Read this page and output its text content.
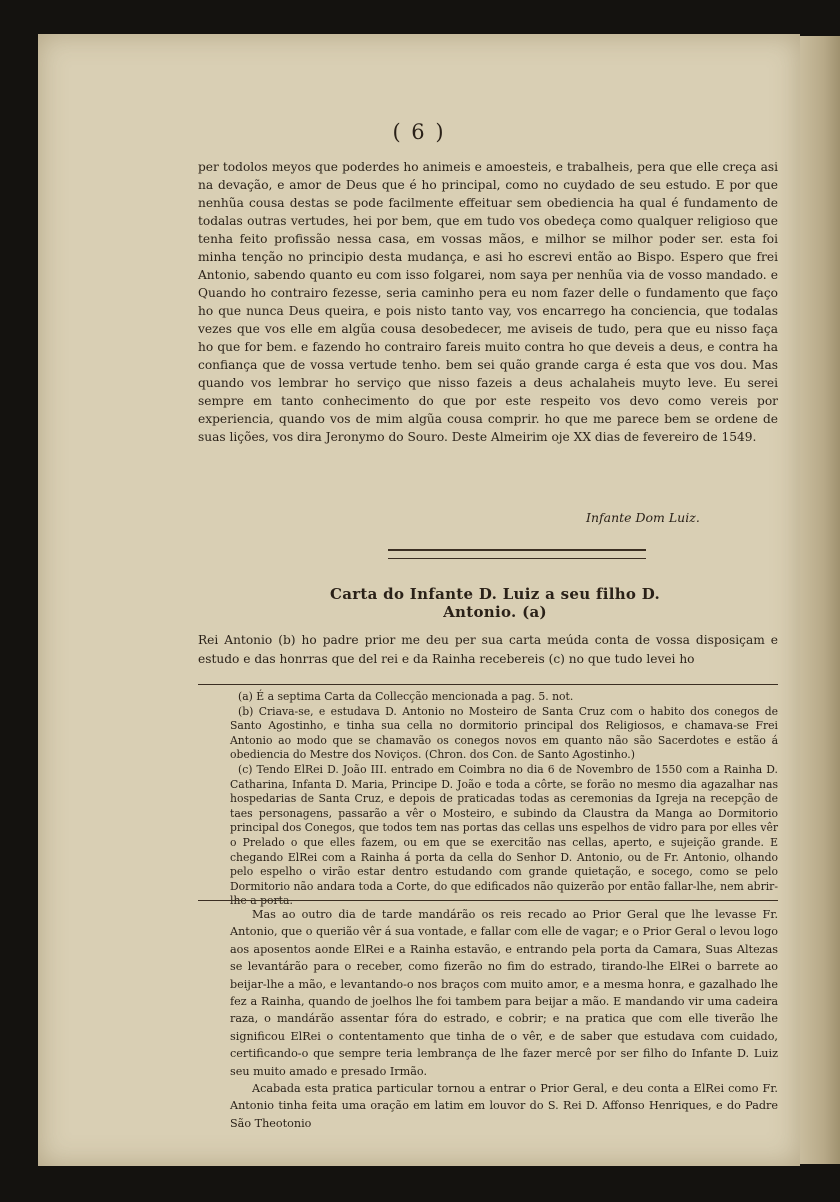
( 6 )

per todolos meyos que poderdes ho animeis e amoesteis, e trabalheis, pera que elle creça asi na devação, e amor de Deus que é ho principal, como no cuydado de seu estudo. E por que nenhũa cousa destas se pode facilmente effeituar sem obediencia ha qual é fundamento de todalas outras vertudes, hei por bem, que em tudo vos obedeça como qualquer religioso que tenha feito profissão nessa casa, em vossas mãos, e milhor se milhor poder ser. esta foi minha tenção no principio desta mudança, e asi ho escrevi então ao Bispo. Espero que frei Antonio, sabendo quanto eu com isso folgarei, nom saya per nenhũa via de vosso mandado. e Quando ho contrairo fezesse, seria caminho pera eu nom fazer delle o fundamento que faço ho que nunca Deus queira, e pois nisto tanto vay, vos encarrego ha conciencia, que todalas vezes que vos elle em algũa cousa desobedecer, me aviseis de tudo, pera que eu nisso faça ho que for bem. e fazendo ho contrairo fareis muito contra ho que deveis a deus, e contra ha confiança que de vossa vertude tenho. bem sei quão grande carga é esta que vos dou. Mas quando vos lembrar ho serviço que nisso fazeis a deus achalaheis muyto leve. Eu serei sempre em tanto conhecimento do que por este respeito vos devo como vereis por experiencia, quando vos de mim algũa cousa comprir. ho que me parece bem se ordene de suas lições, vos dira Jeronymo do Souro. Deste Almeirim oje XX dias de fevereiro de 1549.

Infante Dom Luiz.
Carta do Infante D. Luiz a seu filho D. Antonio. (a)

Rei Antonio (b) ho padre prior me deu per sua carta meúda conta de vossa disposiçam e estudo e das honrras que del rei e da Rainha recebereis (c) no que tudo levei ho

(a) É a septima Carta da Collecção mencionada a pag. 5. not.

(b) Criava-se, e estudava D. Antonio no Mosteiro de Santa Cruz com o habito dos conegos de Santo Agostinho, e tinha sua cella no dormitorio principal dos Religiosos, e chamava-se Frei Antonio ao modo que se chamavão os conegos novos em quanto não são Sacerdotes e estão á obediencia do Mestre dos Noviços. (Chron. dos Con. de Santo Agostinho.)

(c) Tendo ElRei D. João III. entrado em Coimbra no dia 6 de Novembro de 1550 com a Rainha D. Catharina, Infanta D. Maria, Principe D. João e toda a côrte, se forão no mesmo dia agazalhar nas hospedarias de Santa Cruz, e depois de praticadas todas as ceremonias da Igreja na recepção de taes personagens, passarão a vêr o Mosteiro, e subindo da Claustra da Manga ao Dormitorio principal dos Conegos, que todos tem nas portas das cellas uns espelhos de vidro para por elles vêr o Prelado o que elles fazem, ou em que se exercitão nas cellas, aperto, e sujeição grande. E chegando ElRei com a Rainha á porta da cella do Senhor D. Antonio, ou de Fr. Antonio, olhando pelo espelho o virão estar dentro estudando com grande quietação, e socego, como se pelo Dormitorio não andara toda a Corte, do que edificados não quizerão por então fallar-lhe, nem abrir-lhe a porta.

Mas ao outro dia de tarde mandárão os reis recado ao Prior Geral que lhe levasse Fr. Antonio, que o querião vêr á sua vontade, e fallar com elle de vagar; e o Prior Geral o levou logo aos aposentos aonde ElRei e a Rainha estavão, e entrando pela porta da Camara, Suas Altezas se levantárão para o receber, como fizerão no fim do estrado, tirando-lhe ElRei o barrete ao beijar-lhe a mão, e levantando-o nos braços com muito amor, e a mesma honra, e gazalhado lhe fez a Rainha, quando de joelhos lhe foi tambem para beijar a mão. E mandando vir uma cadeira raza, o mandárão assentar fóra do estrado, e cobrir; e na pratica que com elle tiverão lhe significou ElRei o contentamento que tinha de o vêr, e de saber que estudava com cuidado, certificando-o que sempre teria lembrança de lhe fazer mercê por ser filho do Infante D. Luiz seu muito amado e presado Irmão.

Acabada esta pratica particular tornou a entrar o Prior Geral, e deu conta a ElRei como Fr. Antonio tinha feita uma oração em latim em louvor do S. Rei D. Affonso Henriques, e do Padre São Theotonio
